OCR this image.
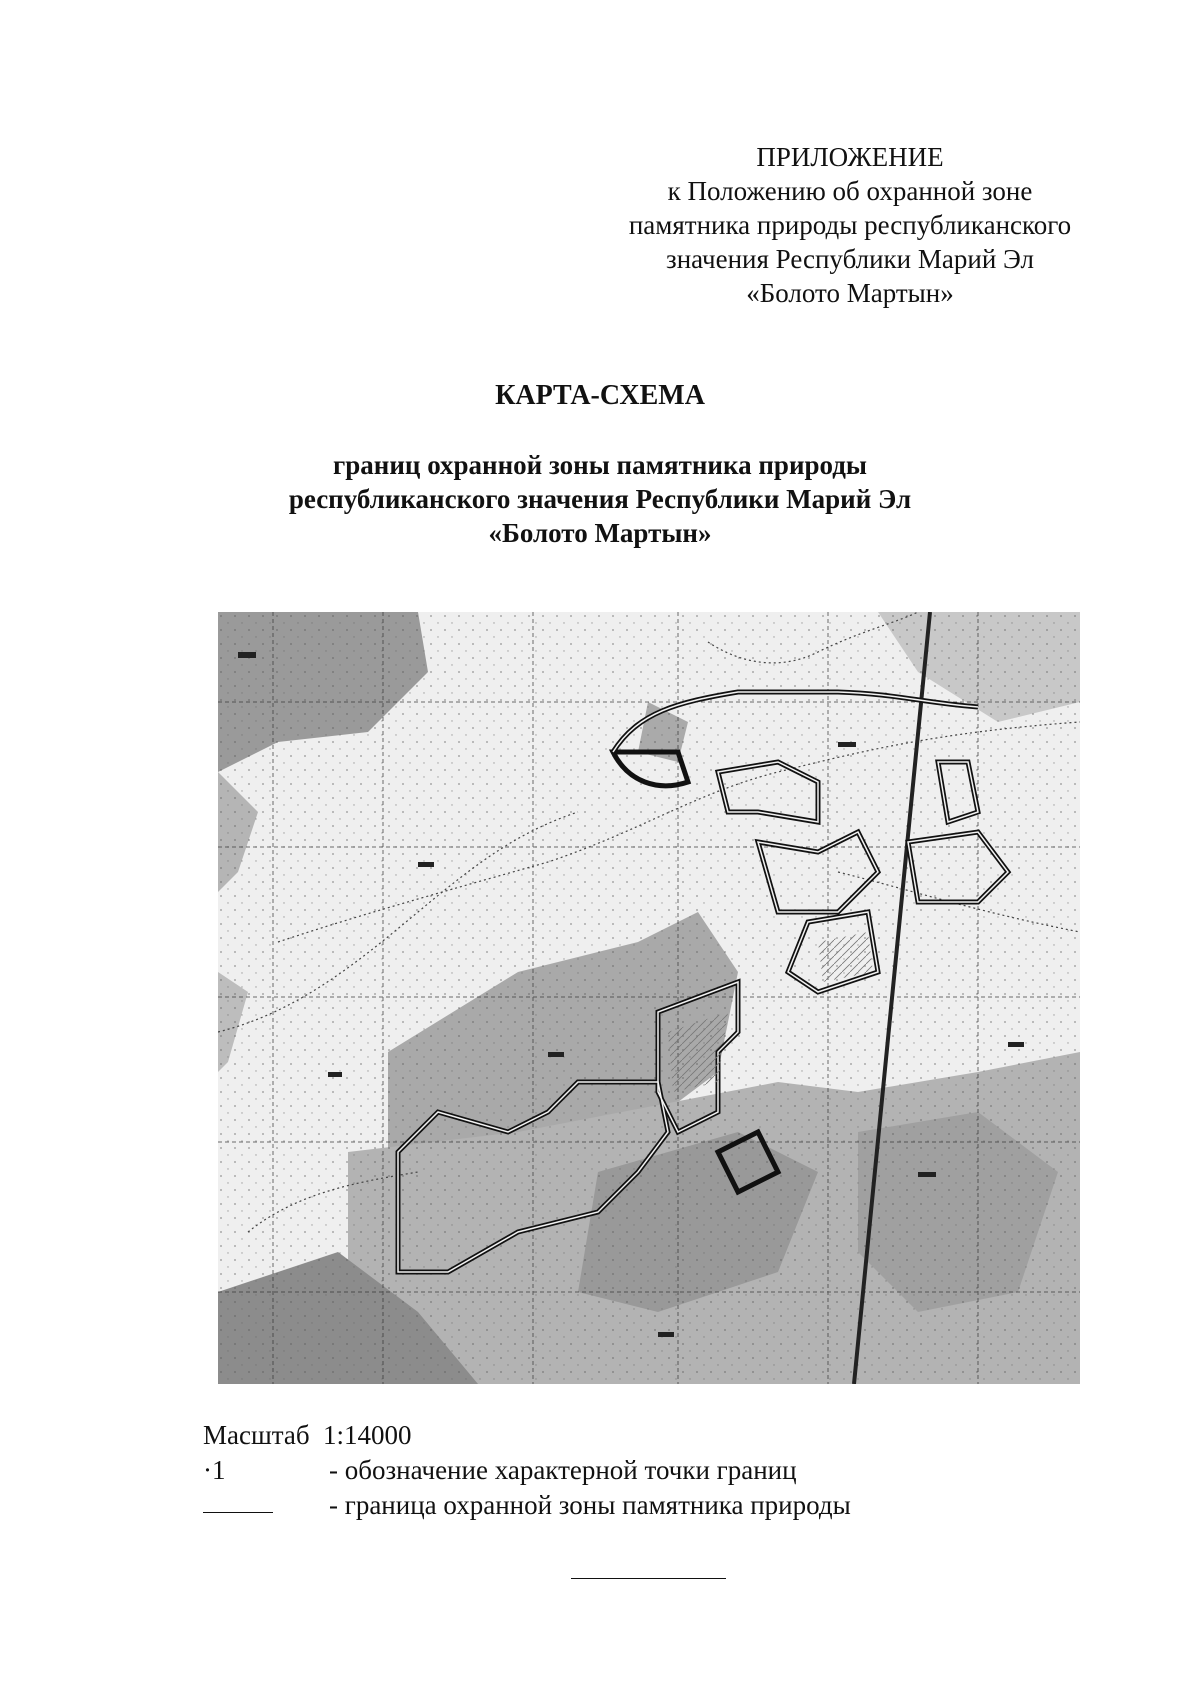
ПРИЛОЖЕНИЕ
к Положению об охранной зоне
памятника природы республиканского
значения Республики Марий Эл
«Болото Мартын»
КАРТА-СХЕМА
границ охранной зоны памятника природы
республиканского значения Республики Марий Эл
«Болото Мартын»
Масштаб 1:14000
·1	- обозначение характерной точки границ
- граница охранной зоны памятника природы
